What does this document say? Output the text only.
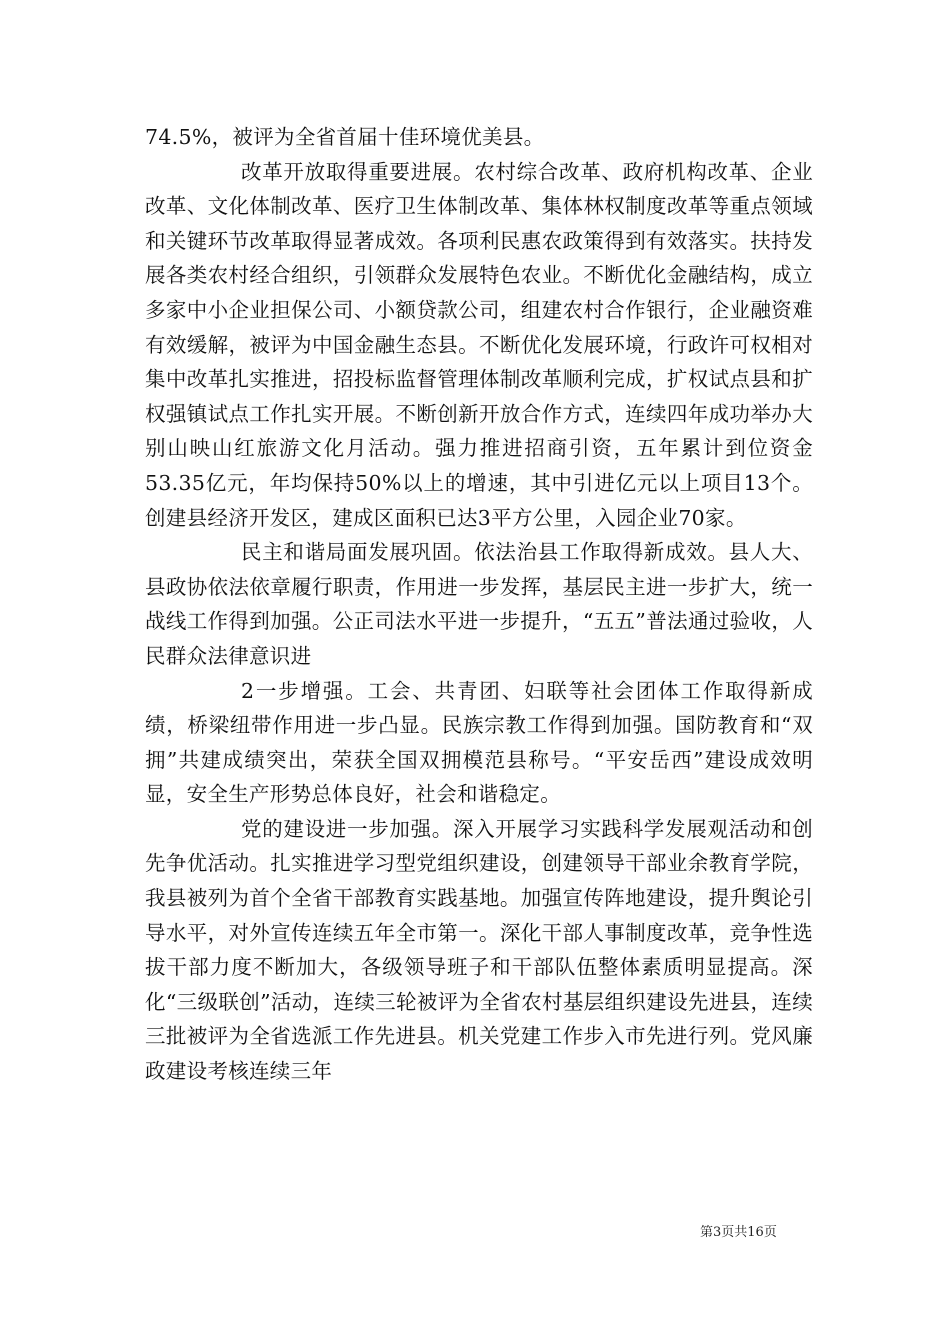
74.5%，被评为全省首届十佳环境优美县。

改革开放取得重要进展。农村综合改革、政府机构改革、企业改革、文化体制改革、医疗卫生体制改革、集体林权制度改革等重点领域和关键环节改革取得显著成效。各项利民惠农政策得到有效落实。扶持发展各类农村经合组织，引领群众发展特色农业。不断优化金融结构，成立多家中小企业担保公司、小额贷款公司，组建农村合作银行，企业融资难有效缓解，被评为中国金融生态县。不断优化发展环境，行政许可权相对集中改革扎实推进，招投标监督管理体制改革顺利完成，扩权试点县和扩权强镇试点工作扎实开展。不断创新开放合作方式，连续四年成功举办大别山映山红旅游文化月活动。强力推进招商引资，五年累计到位资金53.35亿元，年均保持50%以上的增速，其中引进亿元以上项目13个。创建县经济开发区，建成区面积已达3平方公里，入园企业70家。

民主和谐局面发展巩固。依法治县工作取得新成效。县人大、县政协依法依章履行职责，作用进一步发挥，基层民主进一步扩大，统一战线工作得到加强。公正司法水平进一步提升，“五五”普法通过验收，人民群众法律意识进

2一步增强。工会、共青团、妇联等社会团体工作取得新成绩，桥梁纽带作用进一步凸显。民族宗教工作得到加强。国防教育和“双拥”共建成绩突出，荣获全国双拥模范县称号。“平安岳西”建设成效明显，安全生产形势总体良好，社会和谐稳定。

党的建设进一步加强。深入开展学习实践科学发展观活动和创先争优活动。扎实推进学习型党组织建设，创建领导干部业余教育学院，我县被列为首个全省干部教育实践基地。加强宣传阵地建设，提升舆论引导水平，对外宣传连续五年全市第一。深化干部人事制度改革，竞争性选拔干部力度不断加大，各级领导班子和干部队伍整体素质明显提高。深化“三级联创”活动，连续三轮被评为全省农村基层组织建设先进县，连续三批被评为全省选派工作先进县。机关党建工作步入市先进行列。党风廉政建设考核连续三年

第3页共16页
